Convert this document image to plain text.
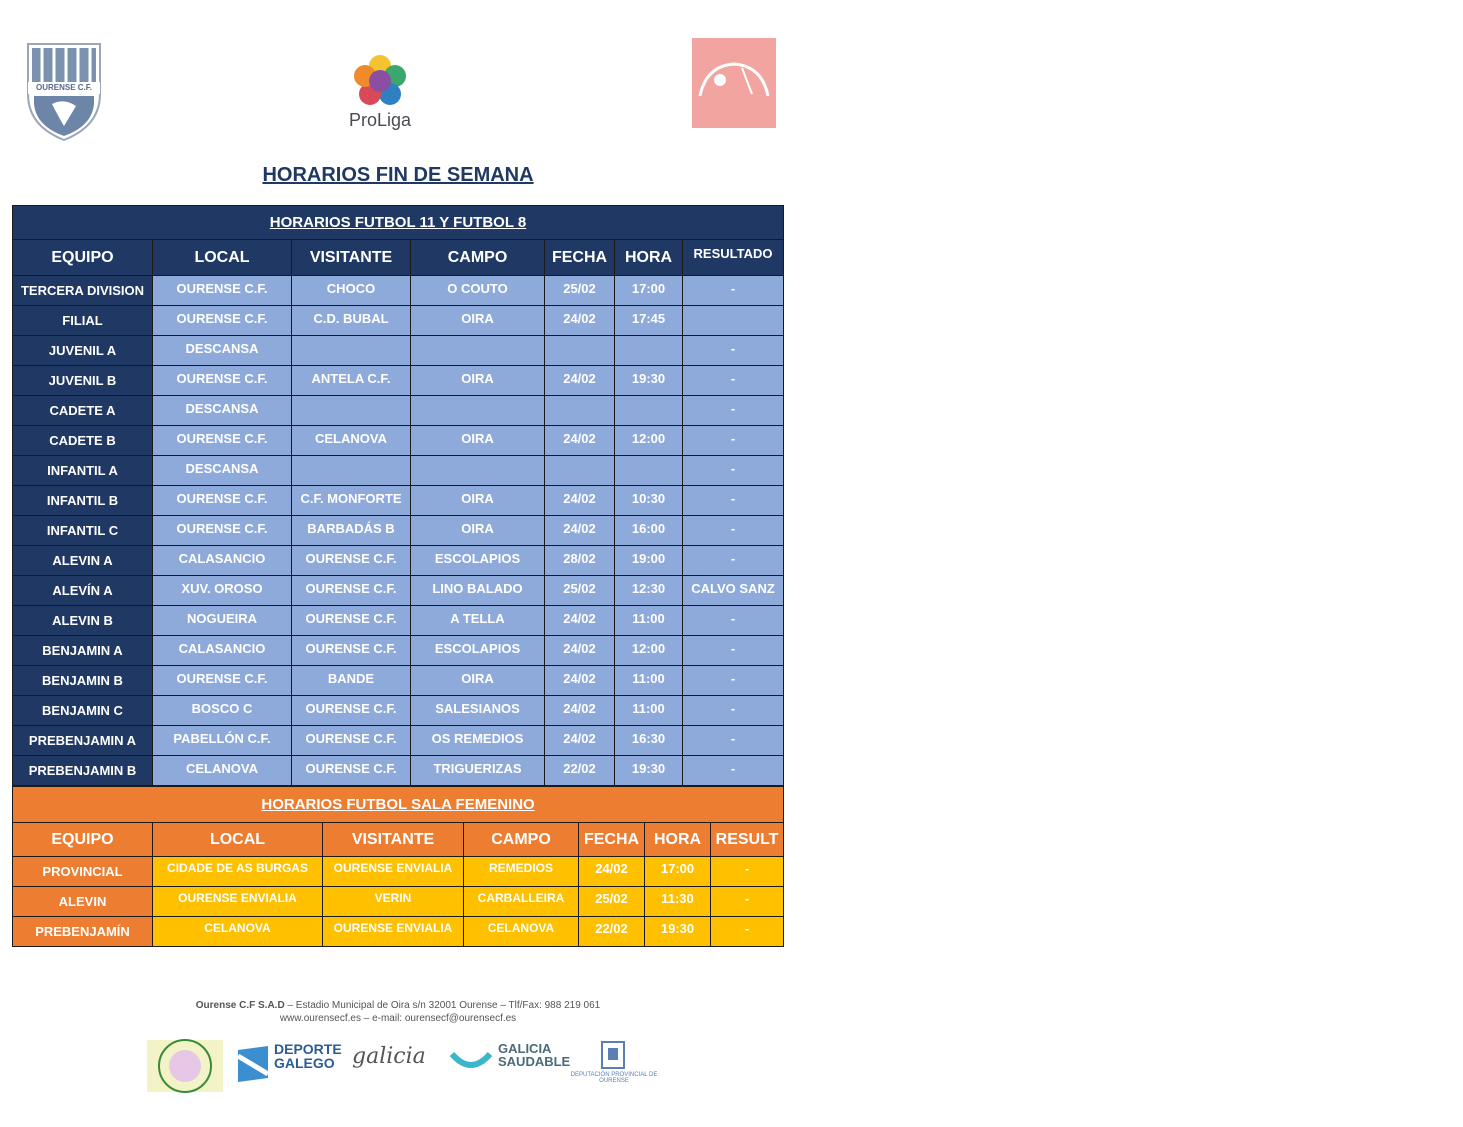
OURENSE C.F.
ProLiga
FUNDACION
OIRA FUTURO
HORARIOS FIN DE SEMANA
HORARIOS FUTBOL 11 Y FUTBOL 8						
EQUIPO	LOCAL	VISITANTE	CAMPO	FECHA	HORA	RESULTADO
TERCERA DIVISION	OURENSE C.F.	CHOCO	O COUTO	25/02	17:00	-
FILIAL	OURENSE C.F.	C.D. BUBAL	OIRA	24/02	17:45	
JUVENIL A	DESCANSA					-
JUVENIL B	OURENSE C.F.	ANTELA C.F.	OIRA	24/02	19:30	-
CADETE A	DESCANSA					-
CADETE B	OURENSE C.F.	CELANOVA	OIRA	24/02	12:00	-
INFANTIL A	DESCANSA					-
INFANTIL B	OURENSE C.F.	C.F. MONFORTE	OIRA	24/02	10:30	-
INFANTIL C	OURENSE C.F.	BARBADÁS B	OIRA	24/02	16:00	-
ALEVIN A	CALASANCIO	OURENSE C.F.	ESCOLAPIOS	28/02	19:00	-
ALEVÍN A	XUV. OROSO	OURENSE C.F.	LINO BALADO	25/02	12:30	CALVO SANZ
ALEVIN B	NOGUEIRA	OURENSE C.F.	A TELLA	24/02	11:00	-
BENJAMIN A	CALASANCIO	OURENSE C.F.	ESCOLAPIOS	24/02	12:00	-
BENJAMIN B	OURENSE C.F.	BANDE	OIRA	24/02	11:00	-
BENJAMIN C	BOSCO C	OURENSE C.F.	SALESIANOS	24/02	11:00	-
PREBENJAMIN A	PABELLÓN C.F.	OURENSE C.F.	OS REMEDIOS	24/02	16:30	-
PREBENJAMIN B	CELANOVA	OURENSE C.F.	TRIGUERIZAS	22/02	19:30	-
HORARIOS FUTBOL SALA FEMENINO						
EQUIPO	LOCAL	VISITANTE	CAMPO	FECHA	HORA	RESULT
PROVINCIAL	CIDADE DE AS BURGAS	OURENSE ENVIALIA	REMEDIOS	24/02	17:00	-
ALEVIN	OURENSE ENVIALIA	VERIN	CARBALLEIRA	25/02	11:30	-
PREBENJAMÍN	CELANOVA	OURENSE ENVIALIA	CELANOVA	22/02	19:30	-
Ourense C.F S.A.D – Estadio Municipal de Oira s/n 32001 Ourense – Tlf/Fax: 988 219 061
www.ourensecf.es – e-mail: ourensecf@ourensecf.es
DEPORTE
GALEGO galicia	GALICIA
SAUDABLE
DEPUTACIÓN PROVINCIAL DE OURENSE
